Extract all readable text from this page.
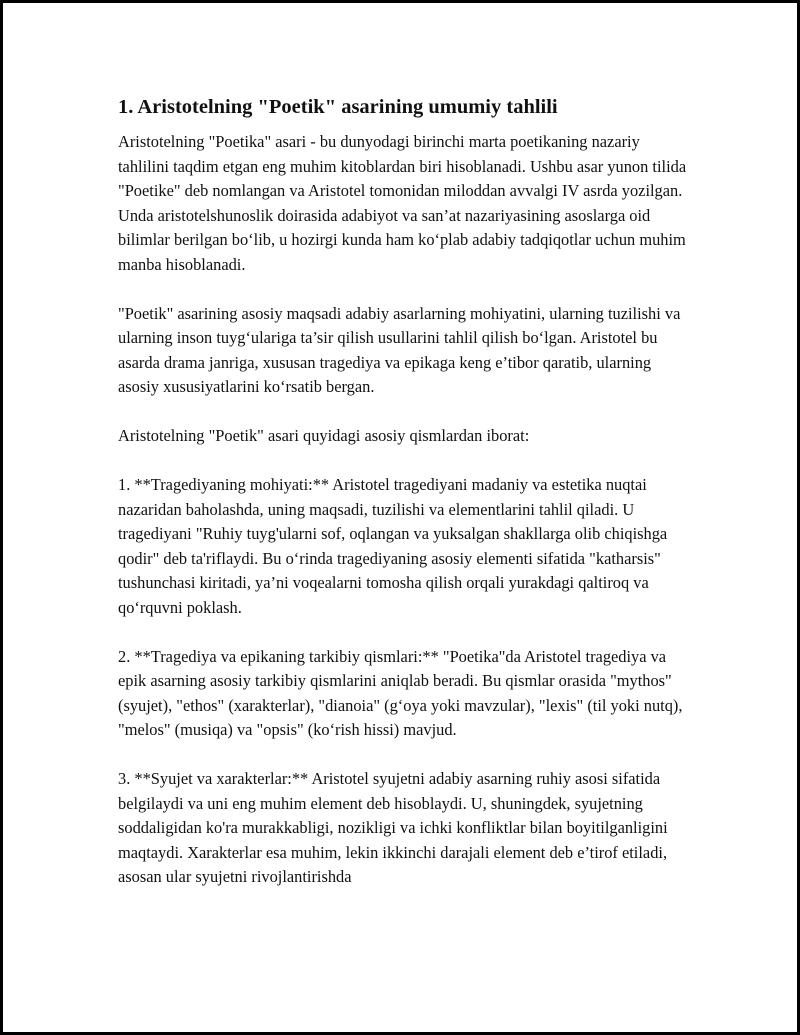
1. Aristotelning "Poetik" asarining umumiy tahlili

Aristotelning "Poetika" asari - bu dunyodagi birinchi marta poetikaning nazariy tahlilini taqdim etgan eng muhim kitoblardan biri hisoblanadi. Ushbu asar yunon tilida "Poetike" deb nomlangan va Aristotel tomonidan miloddan avvalgi IV asrda yozilgan. Unda aristotelshunoslik doirasida adabiyot va san’at nazariyasining asoslarga oid bilimlar berilgan bo‘lib, u hozirgi kunda ham ko‘plab adabiy tadqiqotlar uchun muhim manba hisoblanadi.

"Poetik" asarining asosiy maqsadi adabiy asarlarning mohiyatini, ularning tuzilishi va ularning inson tuyg‘ulariga ta’sir qilish usullarini tahlil qilish bo‘lgan. Aristotel bu asarda drama janriga, xususan tragediya va epikaga keng e’tibor qaratib, ularning asosiy xususiyatlarini ko‘rsatib bergan.

Aristotelning "Poetik" asari quyidagi asosiy qismlardan iborat:

1. **Tragediyaning mohiyati:** Aristotel tragediyani madaniy va estetika nuqtai nazaridan baholashda, uning maqsadi, tuzilishi va elementlarini tahlil qiladi. U tragediyani "Ruhiy tuyg'ularni sof, oqlangan va yuksalgan shakllarga olib chiqishga qodir" deb ta'riflaydi. Bu o‘rinda tragediyaning asosiy elementi sifatida "katharsis" tushunchasi kiritadi, ya’ni voqealarni tomosha qilish orqali yurakdagi qaltiroq va qo‘rquvni poklash.

2. **Tragediya va epikaning tarkibiy qismlari:** "Poetika"da Aristotel tragediya va epik asarning asosiy tarkibiy qismlarini aniqlab beradi. Bu qismlar orasida "mythos" (syujet), "ethos" (xarakterlar), "dianoia" (g‘oya yoki mavzular), "lexis" (til yoki nutq), "melos" (musiqa) va "opsis" (ko‘rish hissi) mavjud.

3. **Syujet va xarakterlar:** Aristotel syujetni adabiy asarning ruhiy asosi sifatida belgilaydi va uni eng muhim element deb hisoblaydi. U, shuningdek, syujetning soddaligidan ko'ra murakkabligi, nozikligi va ichki konfliktlar bilan boyitilganligini maqtaydi. Xarakterlar esa muhim, lekin ikkinchi darajali element deb e’tirof etiladi, asosan ular syujetni rivojlantirishda
